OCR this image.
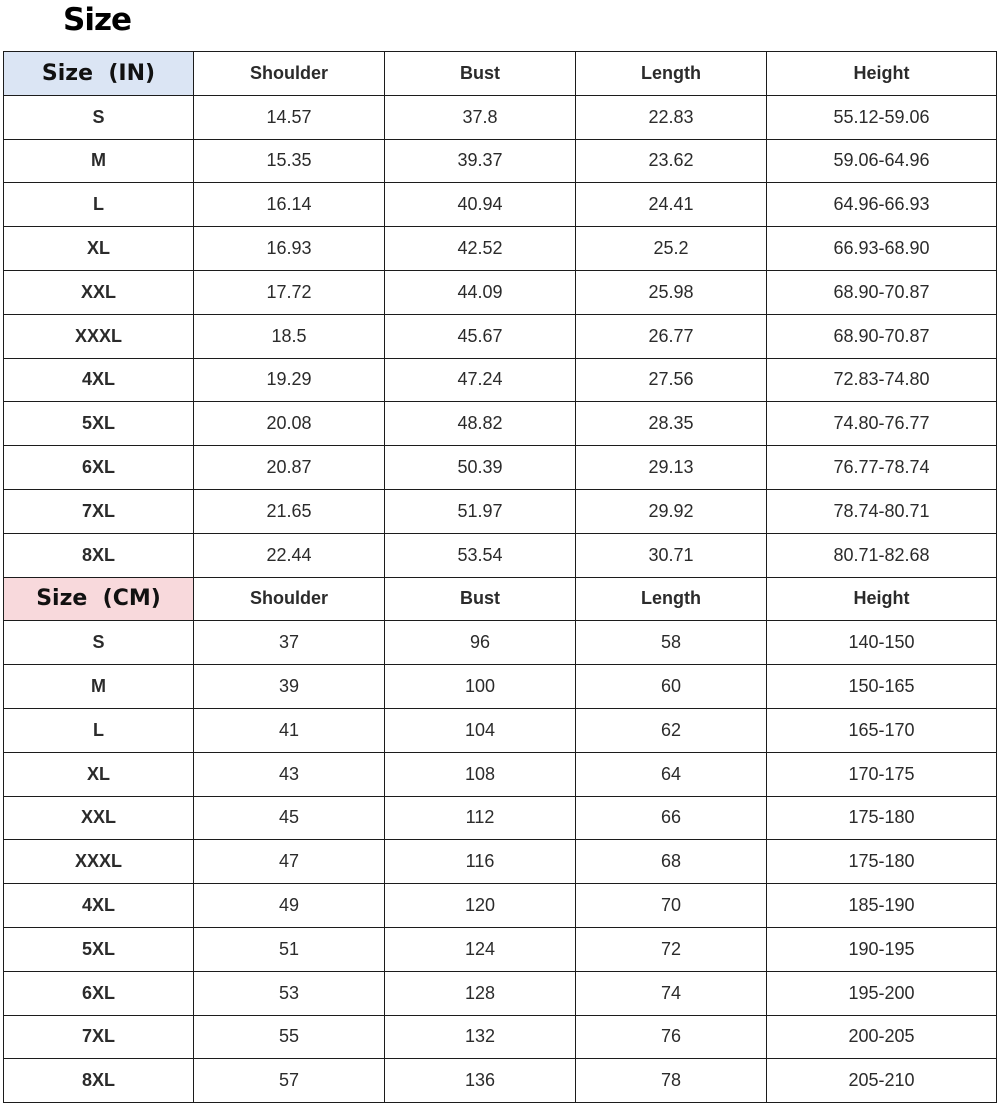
Size
Size  (IN)	Shoulder	Bust	Length	Height
S	14.57	37.8	22.83	55.12-59.06
M	15.35	39.37	23.62	59.06-64.96
L	16.14	40.94	24.41	64.96-66.93
XL	16.93	42.52	25.2	66.93-68.90
XXL	17.72	44.09	25.98	68.90-70.87
XXXL	18.5	45.67	26.77	68.90-70.87
4XL	19.29	47.24	27.56	72.83-74.80
5XL	20.08	48.82	28.35	74.80-76.77
6XL	20.87	50.39	29.13	76.77-78.74
7XL	21.65	51.97	29.92	78.74-80.71
8XL	22.44	53.54	30.71	80.71-82.68
Size  (CM)	Shoulder	Bust	Length	Height
S	37	96	58	140-150
M	39	100	60	150-165
L	41	104	62	165-170
XL	43	108	64	170-175
XXL	45	112	66	175-180
XXXL	47	116	68	175-180
4XL	49	120	70	185-190
5XL	51	124	72	190-195
6XL	53	128	74	195-200
7XL	55	132	76	200-205
8XL	57	136	78	205-210
